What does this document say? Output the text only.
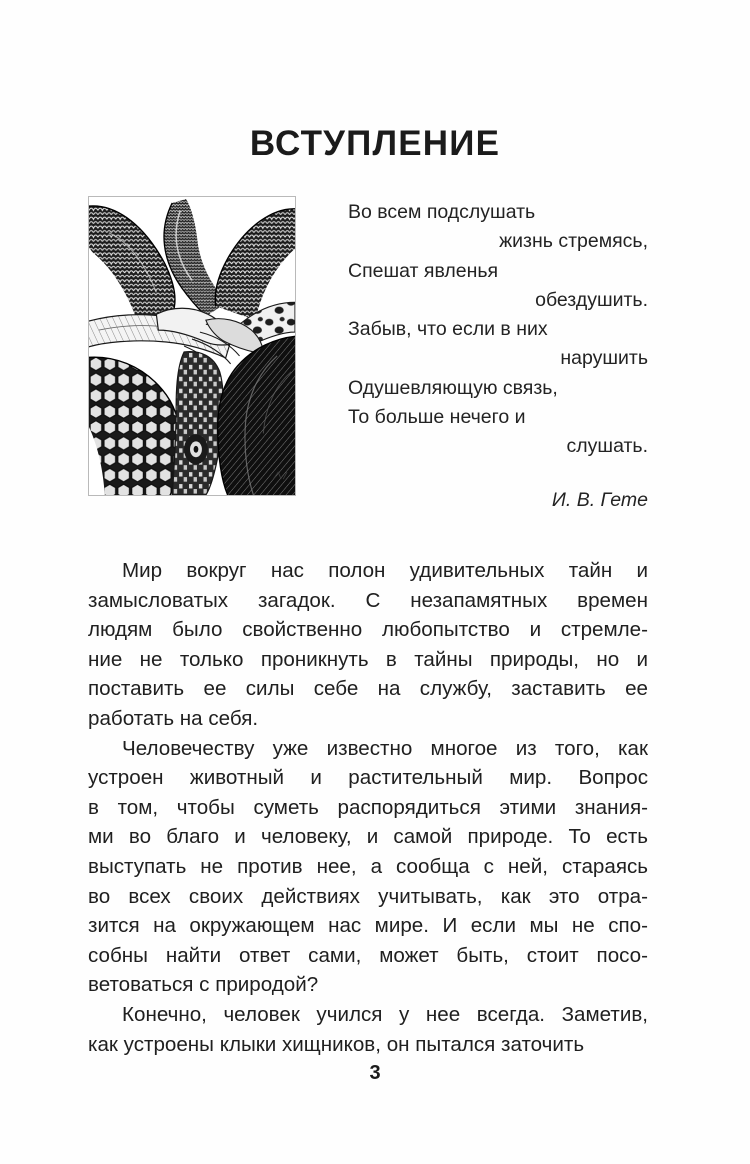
ВСТУПЛЕНИЕ
Во всем подслушать
жизнь стремясь,
Спешат явленья
обездушить.
Забыв, что если в них
нарушить
Одушевляющую связь,
То больше нечего и
слушать.
И. В. Гете

Мир вокруг нас полон удивительных тайн и
замысловатых загадок. С незапамятных времен
людям было свойственно любопытство и стремле-
ние не только проникнуть в тайны природы, но и
поставить ее силы себе на службу, заставить ее
работать на себя.

Человечеству уже известно многое из того, как
устроен животный и растительный мир. Вопрос
в том, чтобы суметь распорядиться этими знания-
ми во благо и человеку, и самой природе. То есть
выступать не против нее, а сообща с ней, стараясь
во всех своих действиях учитывать, как это отра-
зится на окружающем нас мире. И если мы не спо-
собны найти ответ сами, может быть, стоит посо-
ветоваться с природой?

Конечно, человек учился у нее всегда. Заметив,
как устроены клыки хищников, он пытался заточить

3
